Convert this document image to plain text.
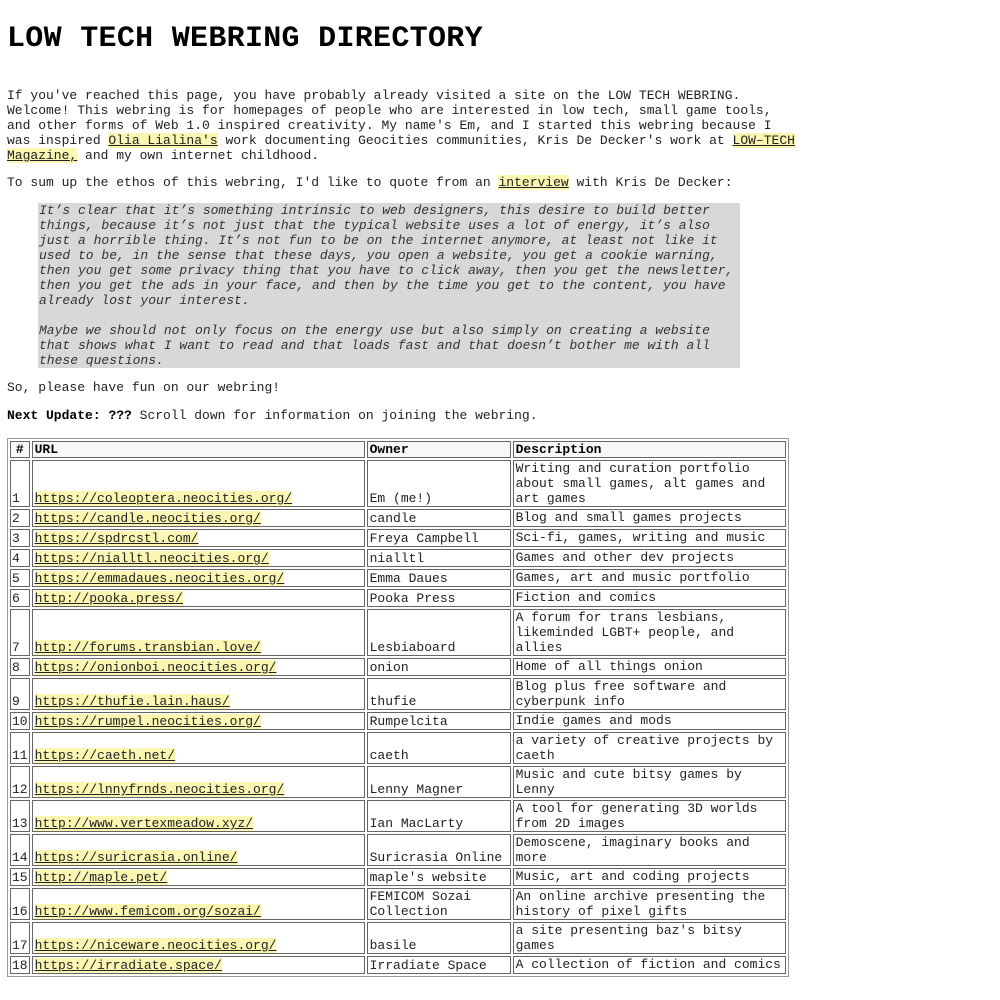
LOW TECH WEBRING DIRECTORY

If you've reached this page, you have probably already visited a site on the LOW TECH WEBRING. Welcome! This webring is for homepages of people who are interested in low tech, small game tools, and other forms of Web 1.0 inspired creativity. My name's Em, and I started this webring because I was inspired Olia Lialina's work documenting Geocities communities, Kris De Decker's work at LOW–TECH Magazine, and my own internet childhood.

To sum up the ethos of this webring, I'd like to quote from an interview with Kris De Decker:

It’s clear that it’s something intrinsic to web designers, this desire to build better things, because it’s not just that the typical website uses a lot of energy, it’s also just a horrible thing. It’s not fun to be on the internet anymore, at least not like it used to be, in the sense that these days, you open a website, you get a cookie warning, then you get some privacy thing that you have to click away, then you get the newsletter, then you get the ads in your face, and then by the time you get to the content, you have already lost your interest.

Maybe we should not only focus on the energy use but also simply on creating a website that shows what I want to read and that loads fast and that doesn’t bother me with all these questions.

So, please have fun on our webring!

Next Update: ??? Scroll down for information on joining the webring.

#	URL	Owner	Description
1	https://coleoptera.neocities.org/	Em (me!)	Writing and curation portfolio about small games, alt games and art games
2	https://candle.neocities.org/	candle	Blog and small games projects
3	https://spdrcstl.com/	Freya Campbell	Sci-fi, games, writing and music
4	https://nialltl.neocities.org/	nialltl	Games and other dev projects
5	https://emmadaues.neocities.org/	Emma Daues	Games, art and music portfolio
6	http://pooka.press/	Pooka Press	Fiction and comics
7	http://forums.transbian.love/	Lesbiaboard	A forum for trans lesbians, likeminded LGBT+ people, and allies
8	https://onionboi.neocities.org/	onion	Home of all things onion
9	https://thufie.lain.haus/	thufie	Blog plus free software and cyberpunk info
10	https://rumpel.neocities.org/	Rumpelcita	Indie games and mods
11	https://caeth.net/	caeth	a variety of creative projects by caeth
12	https://lnnyfrnds.neocities.org/	Lenny Magner	Music and cute bitsy games by Lenny
13	http://www.vertexmeadow.xyz/	Ian MacLarty	A tool for generating 3D worlds from 2D images
14	https://suricrasia.online/	Suricrasia Online	Demoscene, imaginary books and more
15	http://maple.pet/	maple's website	Music, art and coding projects
16	http://www.femicom.org/sozai/	FEMICOM Sozai Collection	An online archive presenting the history of pixel gifts
17	https://niceware.neocities.org/	basile	a site presenting baz's bitsy games
18	https://irradiate.space/	Irradiate Space	A collection of fiction and comics
